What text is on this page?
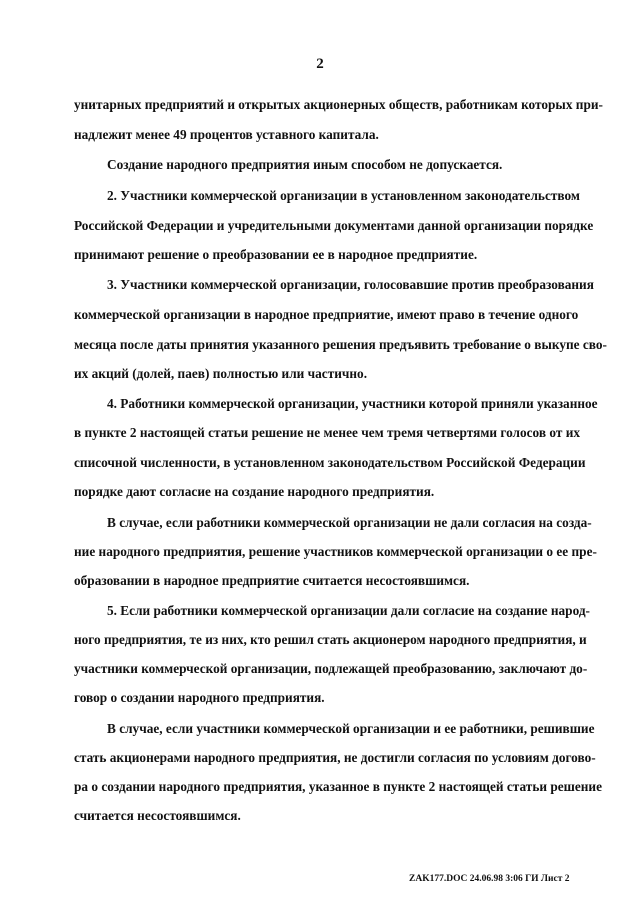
2

унитарных предприятий и открытых акционерных обществ, работникам которых при-

надлежит менее 49 процентов уставного капитала.

Создание народного предприятия иным способом не допускается.

2. Участники коммерческой организации в установленном законодательством

Российской Федерации и учредительными документами данной организации порядке

принимают решение о преобразовании ее в народное предприятие.

3. Участники коммерческой организации, голосовавшие против преобразования

коммерческой организации в народное предприятие, имеют право в течение одного

месяца после даты принятия указанного решения предъявить требование о выкупе сво-

их акций (долей, паев) полностью или частично.

4. Работники коммерческой организации, участники которой приняли указанное

в пункте 2 настоящей статьи решение не менее чем тремя четвертями голосов от их

списочной численности, в установленном законодательством Российской Федерации

порядке дают согласие на создание народного предприятия.

В случае, если работники коммерческой организации не дали согласия на созда-

ние народного предприятия, решение участников коммерческой организации о ее пре-

образовании в народное предприятие считается несостоявшимся.

5. Если работники коммерческой организации дали согласие на создание народ-

ного предприятия, те из них, кто решил стать акционером народного предприятия, и

участники коммерческой организации, подлежащей преобразованию, заключают до-

говор о создании народного предприятия.

В случае, если участники коммерческой организации и ее работники, решившие

стать акционерами народного предприятия, не достигли согласия по условиям догово-

ра о создании народного предприятия, указанное в пункте 2 настоящей статьи решение

считается несостоявшимся.

ZAK177.DOC 24.06.98 3:06 ГИ Лист 2
